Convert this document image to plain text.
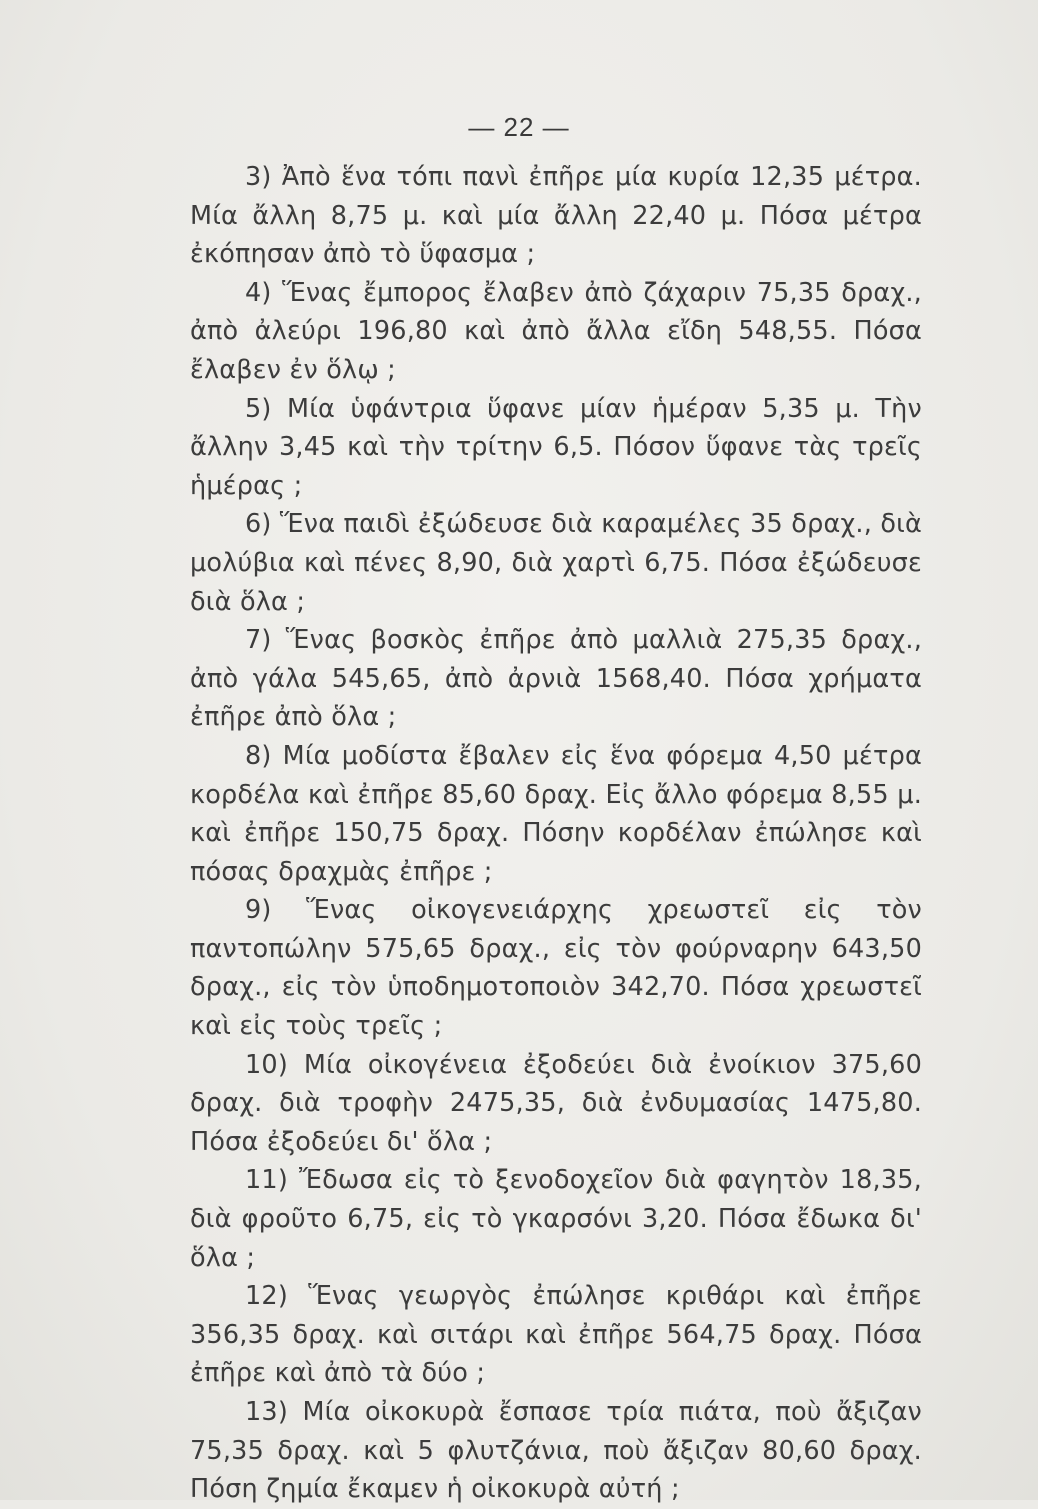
— 22 —

3) Ἀπὸ ἕνα τόπι πανὶ ἐπῆρε μία κυρία 12,35 μέτρα. Μία ἄλλη 8,75 μ. καὶ μία ἄλλη 22,40 μ. Πόσα μέτρα ἐκόπησαν ἀπὸ τὸ ὕφασμα ;

4) Ἕνας ἔμπορος ἔλαβεν ἀπὸ ζάχαριν 75,35 δραχ., ἀπὸ ἀλεύρι 196,80 καὶ ἀπὸ ἄλλα εἴδη 548,55. Πόσα ἔλαβεν ἐν ὅλῳ ;

5) Μία ὑφάντρια ὕφανε μίαν ἡμέραν 5,35 μ. Τὴν ἄλλην 3,45 καὶ τὴν τρίτην 6,5. Πόσον ὕφανε τὰς τρεῖς ἡμέρας ;

6) Ἕνα παιδὶ ἐξώδευσε διὰ καραμέλες 35 δραχ., διὰ μολύβια καὶ πένες 8,90, διὰ χαρτὶ 6,75. Πόσα ἐξώδευσε διὰ ὅλα ;

7) Ἕνας βοσκὸς ἐπῆρε ἀπὸ μαλλιὰ 275,35 δραχ., ἀπὸ γάλα 545,65, ἀπὸ ἀρνιὰ 1568,40. Πόσα χρήματα ἐπῆρε ἀπὸ ὅλα ;

8) Μία μοδίστα ἔβαλεν εἰς ἕνα φόρεμα 4,50 μέτρα κορδέλα καὶ ἐπῆρε 85,60 δραχ. Εἰς ἄλλο φόρεμα 8,55 μ. καὶ ἐπῆρε 150,75 δραχ. Πόσην κορδέλαν ἐπώλησε καὶ πόσας δραχμὰς ἐπῆρε ;

9) Ἕνας οἰκογενειάρχης χρεωστεῖ εἰς τὸν παντοπώλην 575,65 δραχ., εἰς τὸν φούρναρην 643,50 δραχ., εἰς τὸν ὑποδημοτοποιὸν 342,70. Πόσα χρεωστεῖ καὶ εἰς τοὺς τρεῖς ;

10) Μία οἰκογένεια ἐξοδεύει διὰ ἐνοίκιον 375,60 δραχ. διὰ τροφὴν 2475,35, διὰ ἐνδυμασίας 1475,80. Πόσα ἐξοδεύει δι' ὅλα ;

11) Ἔδωσα εἰς τὸ ξενοδοχεῖον διὰ φαγητὸν 18,35, διὰ φροῦτο 6,75, εἰς τὸ γκαρσόνι 3,20. Πόσα ἔδωκα δι' ὅλα ;

12) Ἕνας γεωργὸς ἐπώλησε κριθάρι καὶ ἐπῆρε 356,35 δραχ. καὶ σιτάρι καὶ ἐπῆρε 564,75 δραχ. Πόσα ἐπῆρε καὶ ἀπὸ τὰ δύο ;

13) Μία οἰκοκυρὰ ἔσπασε τρία πιάτα, ποὺ ἄξιζαν 75,35 δραχ. καὶ 5 φλυτζάνια, ποὺ ἄξιζαν 80,60 δραχ. Πόση ζημία ἔκαμεν ἡ οἰκοκυρὰ αὐτή ;
